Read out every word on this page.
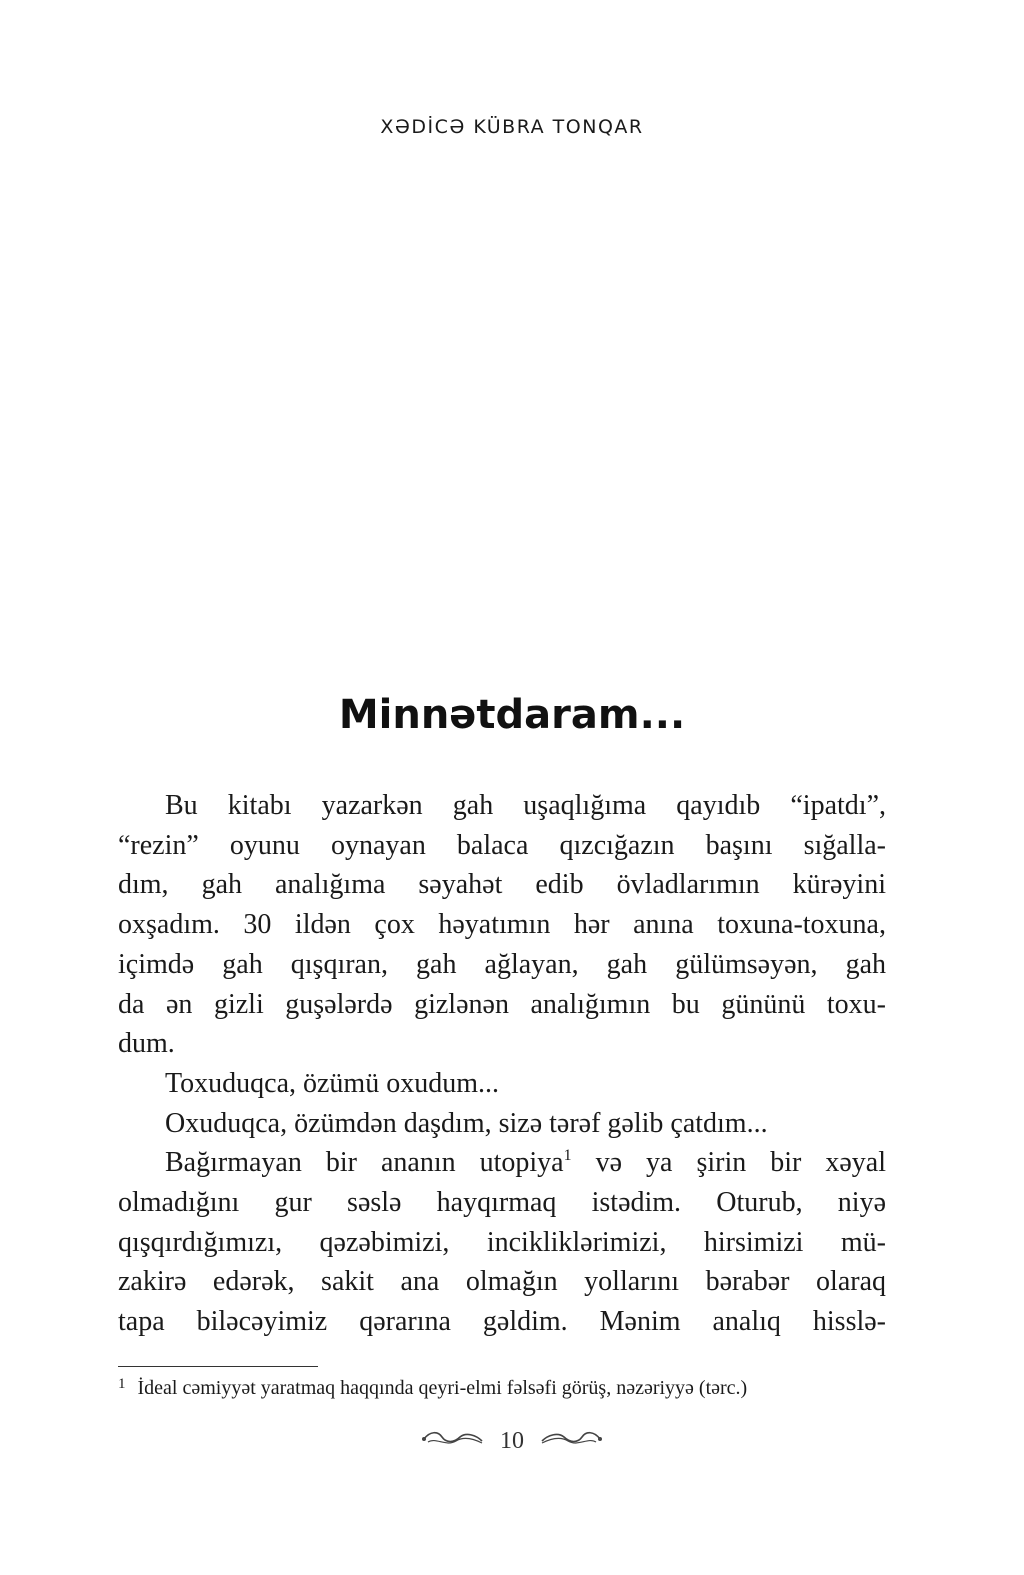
XƏDİCƏ KÜBRA TONQAR
Minnətdaram...

Bu kitabı yazarkən gah uşaqlığıma qayıdıb “ipatdı”,
“rezin” oyunu oynayan balaca qızcığazın başını sığalla-
dım, gah analığıma səyahət edib övladlarımın kürəyini
oxşadım. 30 ildən çox həyatımın hər anına toxuna-toxuna,
içimdə gah qışqıran, gah ağlayan, gah gülümsəyən, gah
da ən gizli guşələrdə gizlənən analığımın bu gününü toxu-
dum.

Toxuduqca, özümü oxudum...

Oxuduqca, özümdən daşdım, sizə tərəf gəlib çatdım...

Bağırmayan bir ananın utopiya$^1$ və ya şirin bir xəyal
olmadığını gur səslə hayqırmaq istədim. Oturub, niyə
qışqırdığımızı, qəzəbimizi, incikliklərimizi, hirsimizi mü-
zakirə edərək, sakit ana olmağın yollarını bərabər olaraq
tapa biləcəyimiz qərarına gəldim. Mənim analıq hissl​ə-

$^1$ İdeal cəmiyyət yaratmaq haqqında qeyri-elmi fəlsəfi görüş, nəzəriyyə (tərc.)
10
